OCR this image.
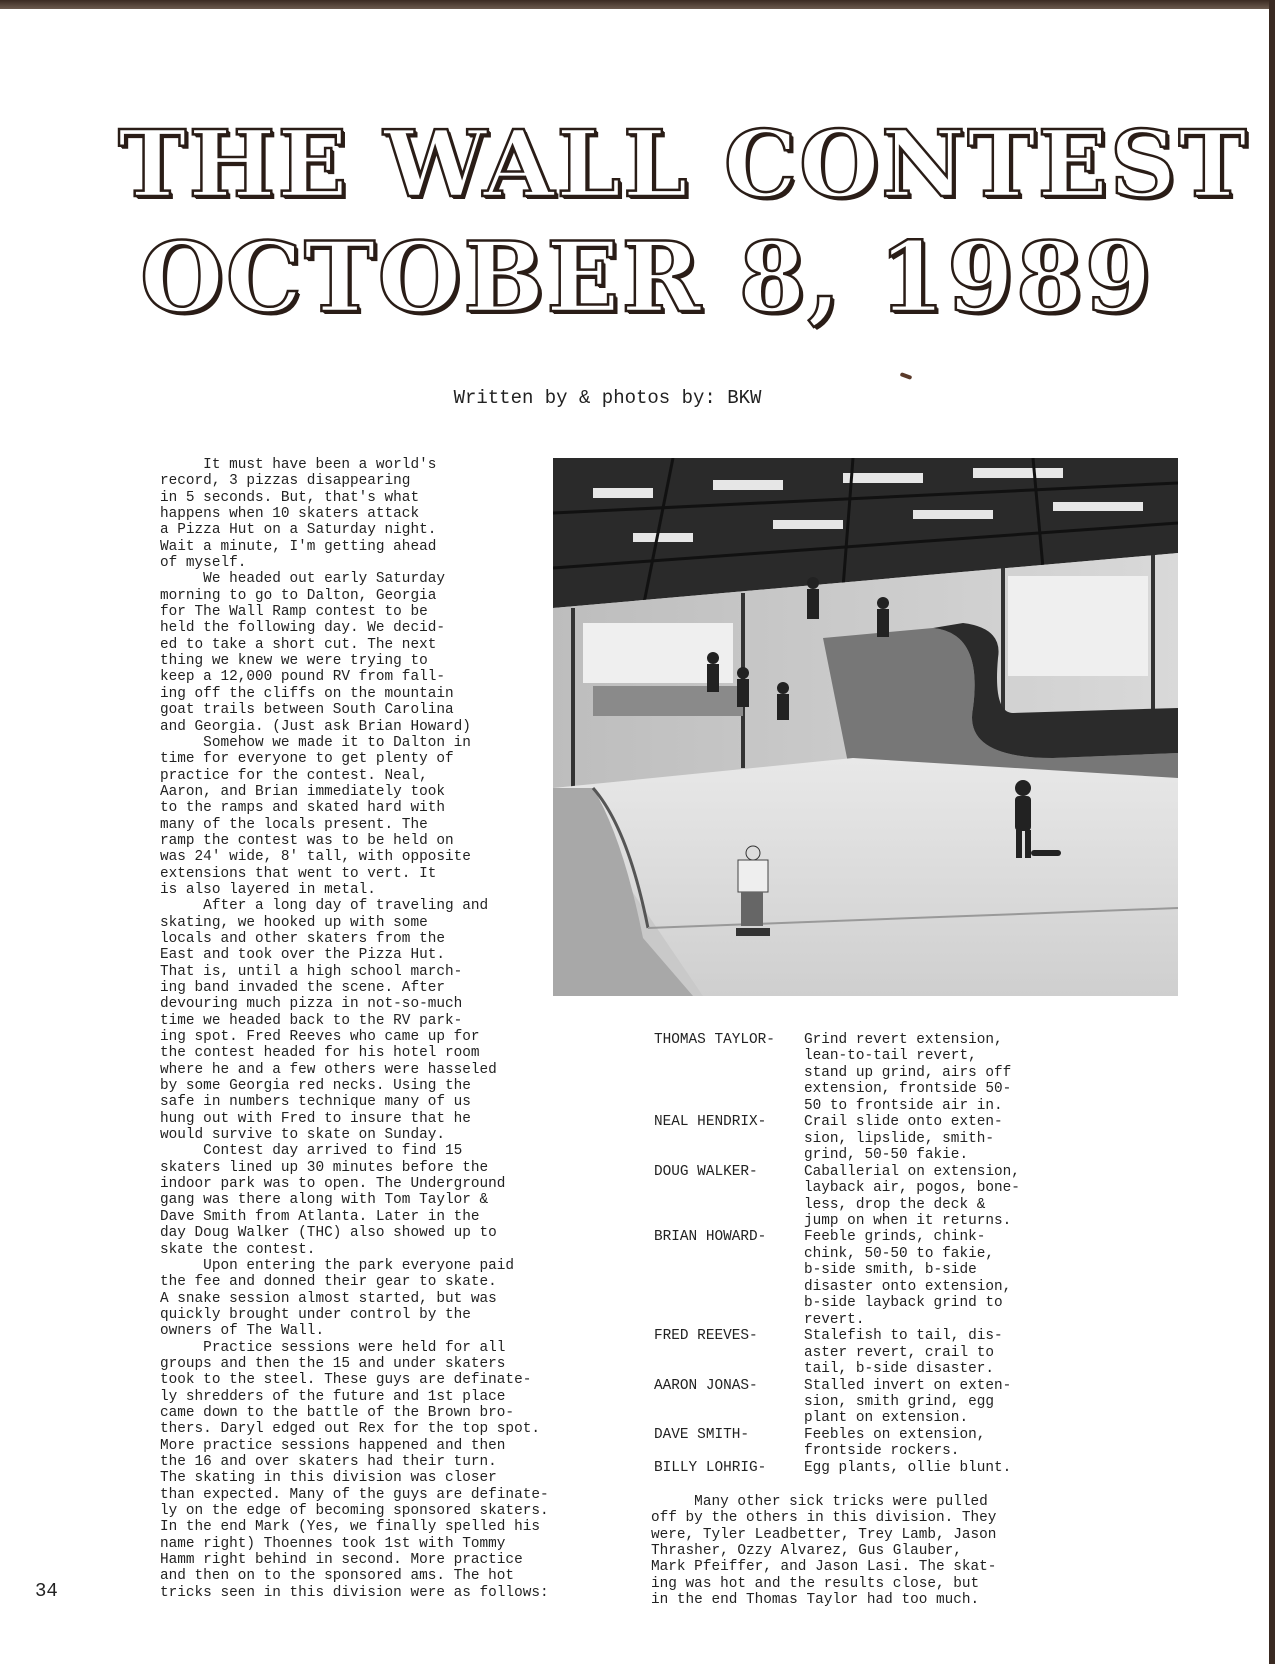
THE WALL CONTEST
OCTOBER 8, 1989
Written by & photos by: BKW
It must have been a world's
record, 3 pizzas disappearing
in 5 seconds. But, that's what
happens when 10 skaters attack
a Pizza Hut on a Saturday night.
Wait a minute, I'm getting ahead
of myself.
We headed out early Saturday
morning to go to Dalton, Georgia
for The Wall Ramp contest to be
held the following day. We decid-
ed to take a short cut. The next
thing we knew we were trying to
keep a 12,000 pound RV from fall-
ing off the cliffs on the mountain
goat trails between South Carolina
and Georgia. (Just ask Brian Howard)
Somehow we made it to Dalton in
time for everyone to get plenty of
practice for the contest. Neal,
Aaron, and Brian immediately took
to the ramps and skated hard with
many of the locals present. The
ramp the contest was to be held on
was 24' wide, 8' tall, with opposite
extensions that went to vert. It
is also layered in metal.
After a long day of traveling and
skating, we hooked up with some
locals and other skaters from the
East and took over the Pizza Hut.
That is, until a high school march-
ing band invaded the scene. After
devouring much pizza in not-so-much
time we headed back to the RV park-
ing spot. Fred Reeves who came up for
the contest headed for his hotel room
where he and a few others were hasseled
by some Georgia red necks. Using the
safe in numbers technique many of us
hung out with Fred to insure that he
would survive to skate on Sunday.
Contest day arrived to find 15
skaters lined up 30 minutes before the
indoor park was to open. The Underground
gang was there along with Tom Taylor &
Dave Smith from Atlanta. Later in the
day Doug Walker (THC) also showed up to
skate the contest.
Upon entering the park everyone paid
the fee and donned their gear to skate.
A snake session almost started, but was
quickly brought under control by the
owners of The Wall.
Practice sessions were held for all
groups and then the 15 and under skaters
took to the steel. These guys are definate-
ly shredders of the future and 1st place
came down to the battle of the Brown bro-
thers. Daryl edged out Rex for the top spot.
More practice sessions happened and then
the 16 and over skaters had their turn.
The skating in this division was closer
than expected. Many of the guys are definate-
ly on the edge of becoming sponsored skaters.
In the end Mark (Yes, we finally spelled his
name right) Thoennes took 1st with Tommy
Hamm right behind in second. More practice
and then on to the sponsored ams. The hot
tricks seen in this division were as follows:
THOMAS TAYLOR-	Grind revert extension,
lean-to-tail revert,
stand up grind, airs off
extension, frontside 50-
50 to frontside air in.
NEAL HENDRIX-	Crail slide onto exten-
sion, lipslide, smith-
grind, 50-50 fakie.
DOUG WALKER-	Caballerial on extension,
layback air, pogos, bone-
less, drop the deck &
jump on when it returns.
BRIAN HOWARD-	Feeble grinds, chink-
chink, 50-50 to fakie,
b-side smith, b-side
disaster onto extension,
b-side layback grind to
revert.
FRED REEVES-	Stalefish to tail, dis-
aster revert, crail to
tail, b-side disaster.
AARON JONAS-	Stalled invert on exten-
sion, smith grind, egg
plant on extension.
DAVE SMITH-	Feebles on extension,
frontside rockers.
BILLY LOHRIG-	Egg plants, ollie blunt.
Many other sick tricks were pulled
off by the others in this division. They
were, Tyler Leadbetter, Trey Lamb, Jason
Thrasher, Ozzy Alvarez, Gus Glauber,
Mark Pfeiffer, and Jason Lasi. The skat-
ing was hot and the results close, but
in the end Thomas Taylor had too much.
34
